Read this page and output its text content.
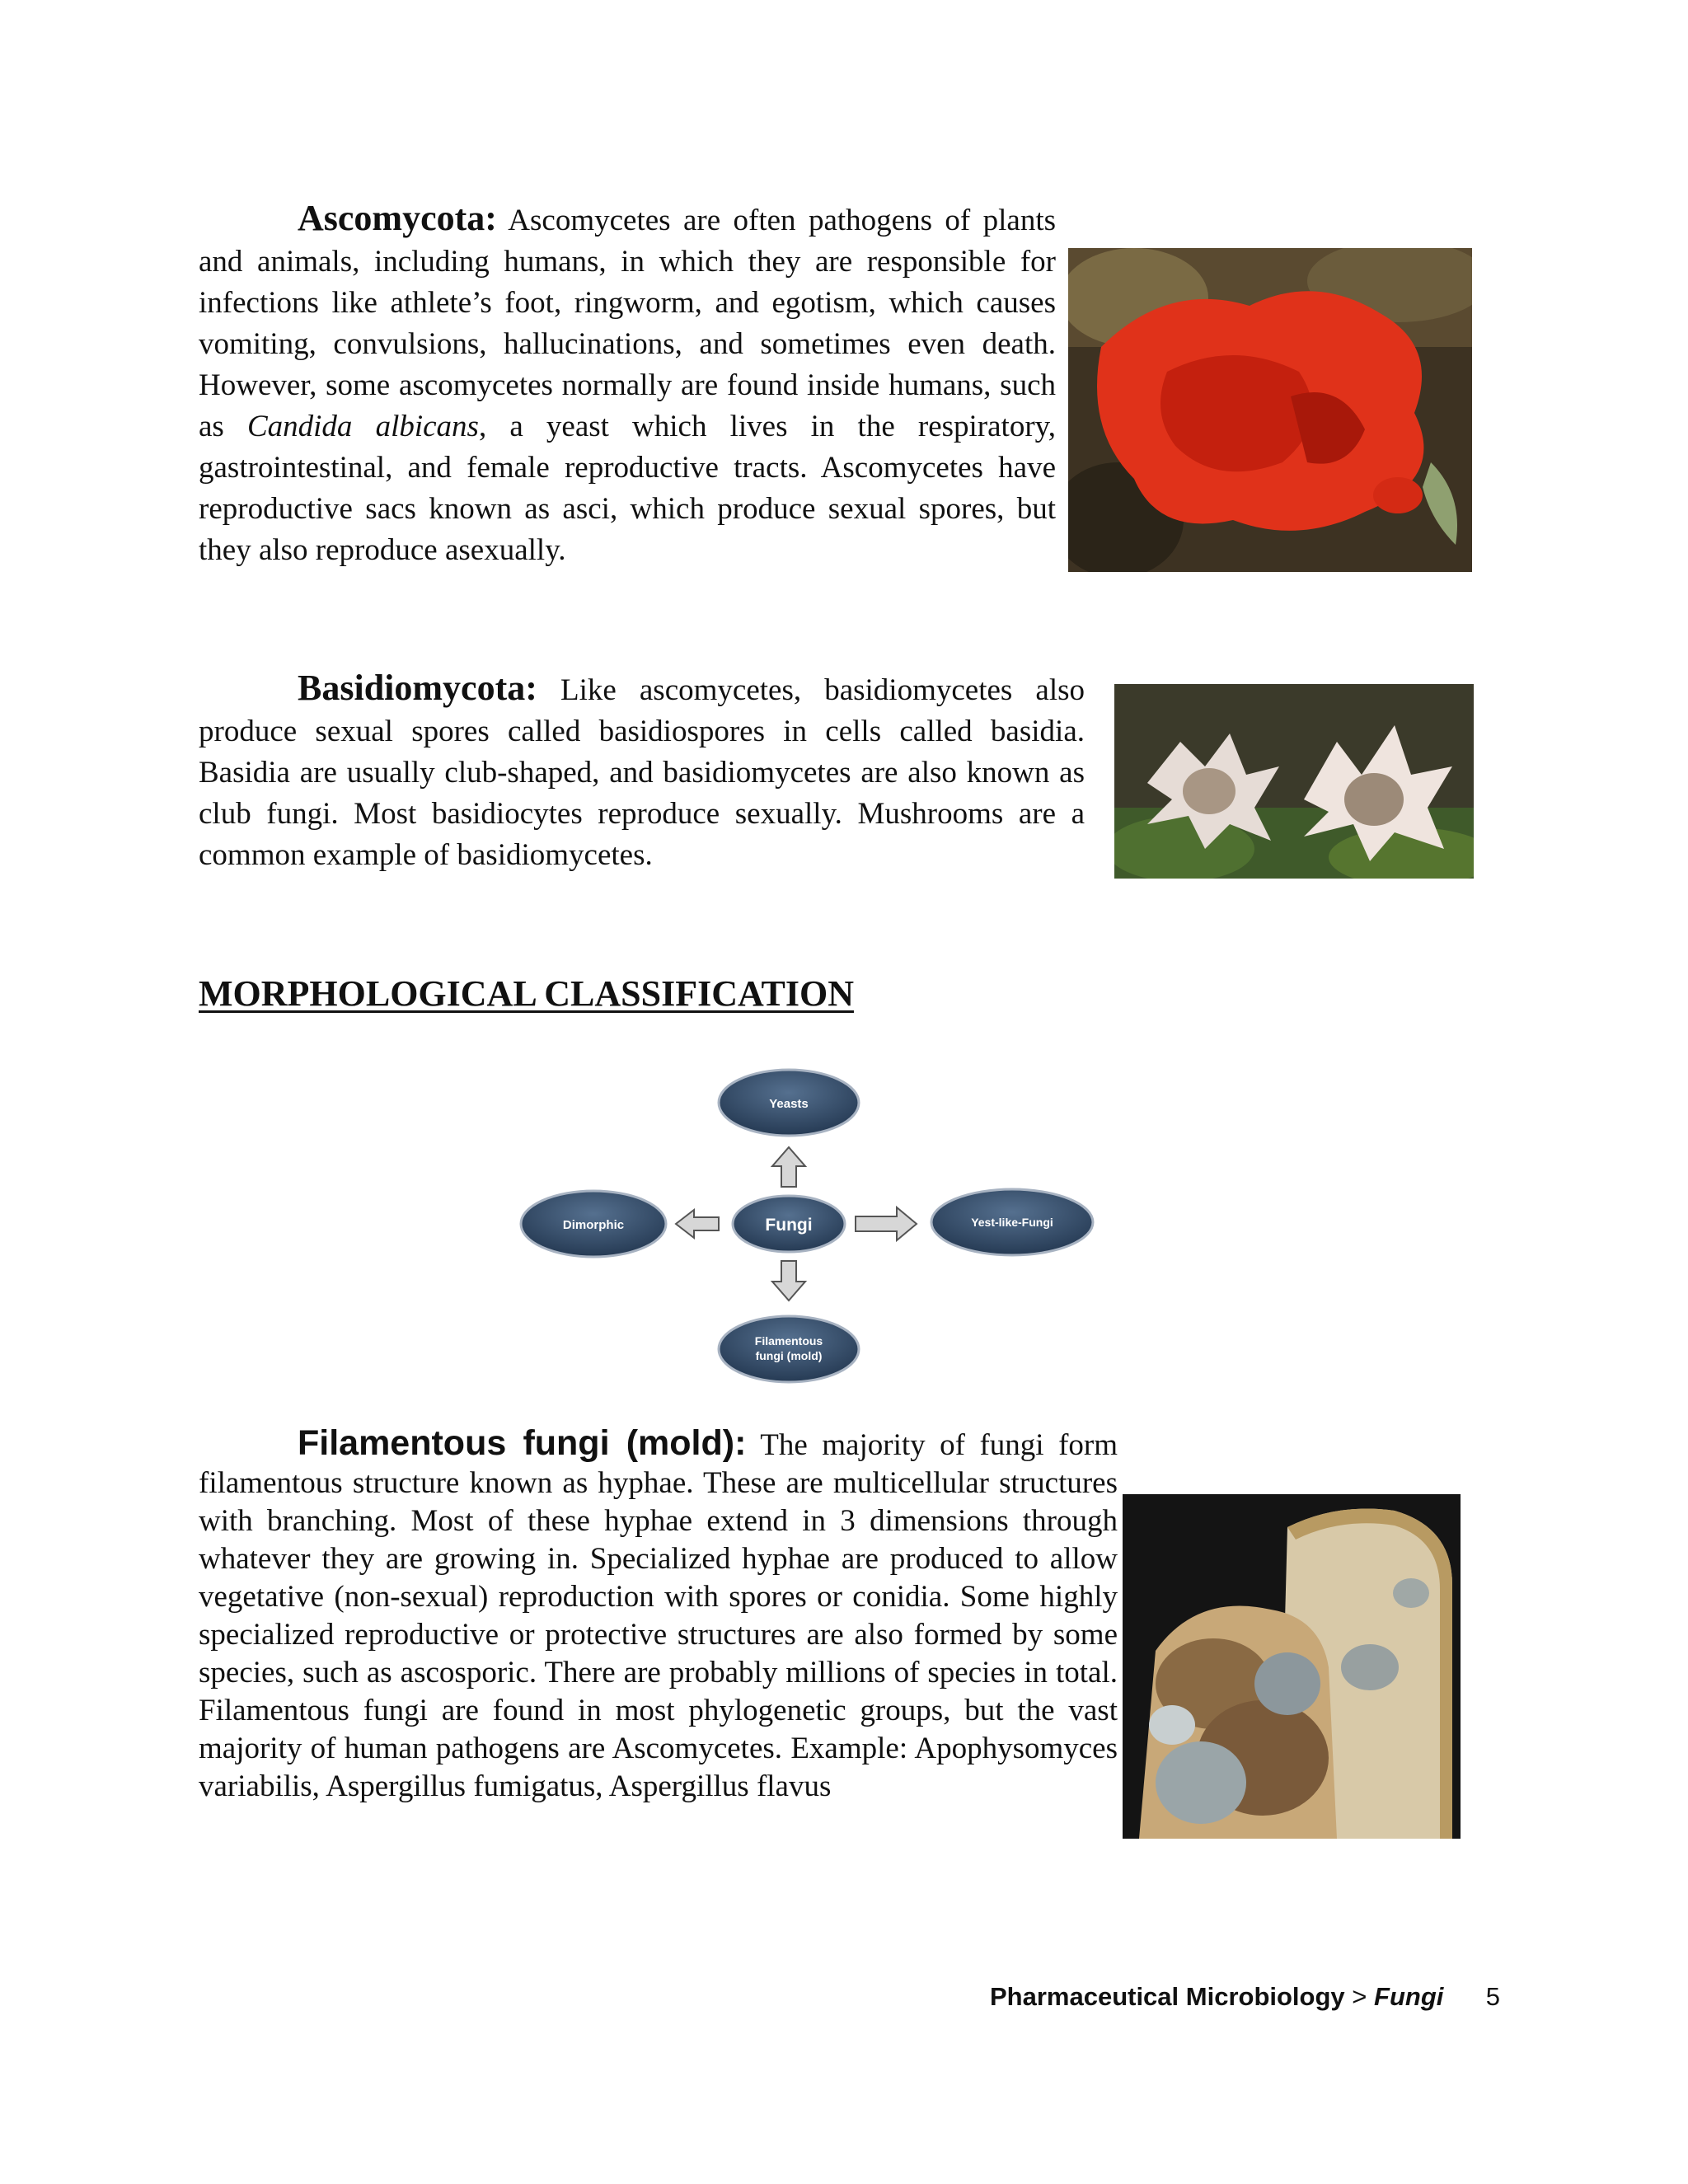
Ascomycota: Ascomycetes are often pathogens of plants and animals, including humans, in which they are responsible for infections like athlete’s foot, ringworm, and egotism, which causes vomiting, convulsions, hallucinations, and sometimes even death. However, some ascomycetes normally are found inside humans, such as Candida albicans, a yeast which lives in the respiratory, gastrointestinal, and female reproductive tracts. Ascomycetes have reproductive sacs known as asci, which produce sexual spores, but they also reproduce asexually.

Basidiomycota: Like ascomycetes, basidiomycetes also produce sexual spores called basidiospores in cells called basidia. Basidia are usually club-shaped, and basidiomycetes are also known as club fungi. Most basidiocytes reproduce sexually. Mushrooms are a common example of basidiomycetes.

MORPHOLOGICAL CLASSIFICATION
Yeasts
Dimorphic	Fungi	Yest-like-Fungi
Filamentous
fungi (mold)

Filamentous fungi (mold): The majority of fungi form filamentous structure known as hyphae. These are multicellular structures with branching. Most of these hyphae extend in 3 dimensions through whatever they are growing in. Specialized hyphae are produced to allow vegetative (non-sexual) reproduction with spores or conidia. Some highly specialized reproductive or protective structures are also formed by some species, such as ascosporic. There are probably millions of species in total. Filamentous fungi are found in most phylogenetic groups, but the vast majority of human pathogens are Ascomycetes. Example: Apophysomyces variabilis, Aspergillus fumigatus, Aspergillus flavus

Pharmaceutical Microbiology > Fungi 5
